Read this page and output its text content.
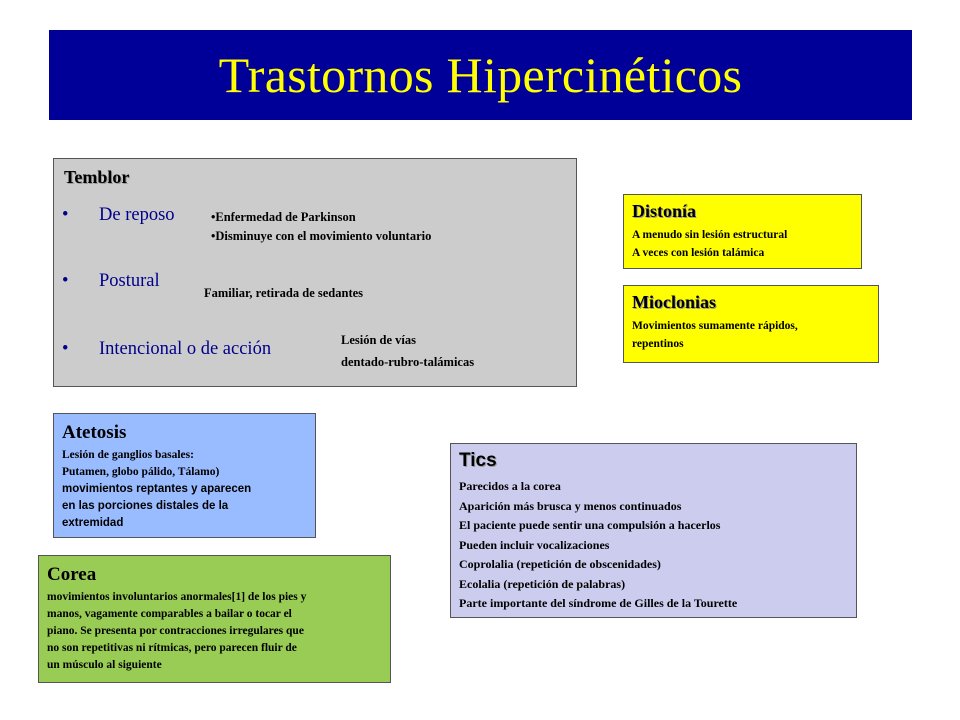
Trastornos Hipercinéticos
Temblor
• De reposo	•Enfermedad de Parkinson
•Disminuye con el movimiento voluntario
• Postural
Familiar, retirada de sedantes
• Intencional o de acción	Lesión de vías
dentado-rubro-talámicas
Distonía
A menudo sin lesión estructural
A veces con lesión talámica
Mioclonias
Movimientos sumamente rápidos,
repentinos
Atetosis
Lesión de ganglios basales:
Putamen, globo pálido, Tálamo)
movimientos reptantes y aparecen
en las porciones distales de la
extremidad
Corea
movimientos involuntarios anormales[1] de los pies y
manos, vagamente comparables a bailar o tocar el
piano. Se presenta por contracciones irregulares que
no son repetitivas ni rítmicas, pero parecen fluir de
un músculo al siguiente
Tics
Parecidos a la corea
Aparición más brusca y menos continuados
El paciente puede sentir una compulsión a hacerlos
Pueden incluir vocalizaciones
Coprolalia (repetición de obscenidades)
Ecolalia (repetición de palabras)
Parte importante del síndrome de Gilles de la Tourette
